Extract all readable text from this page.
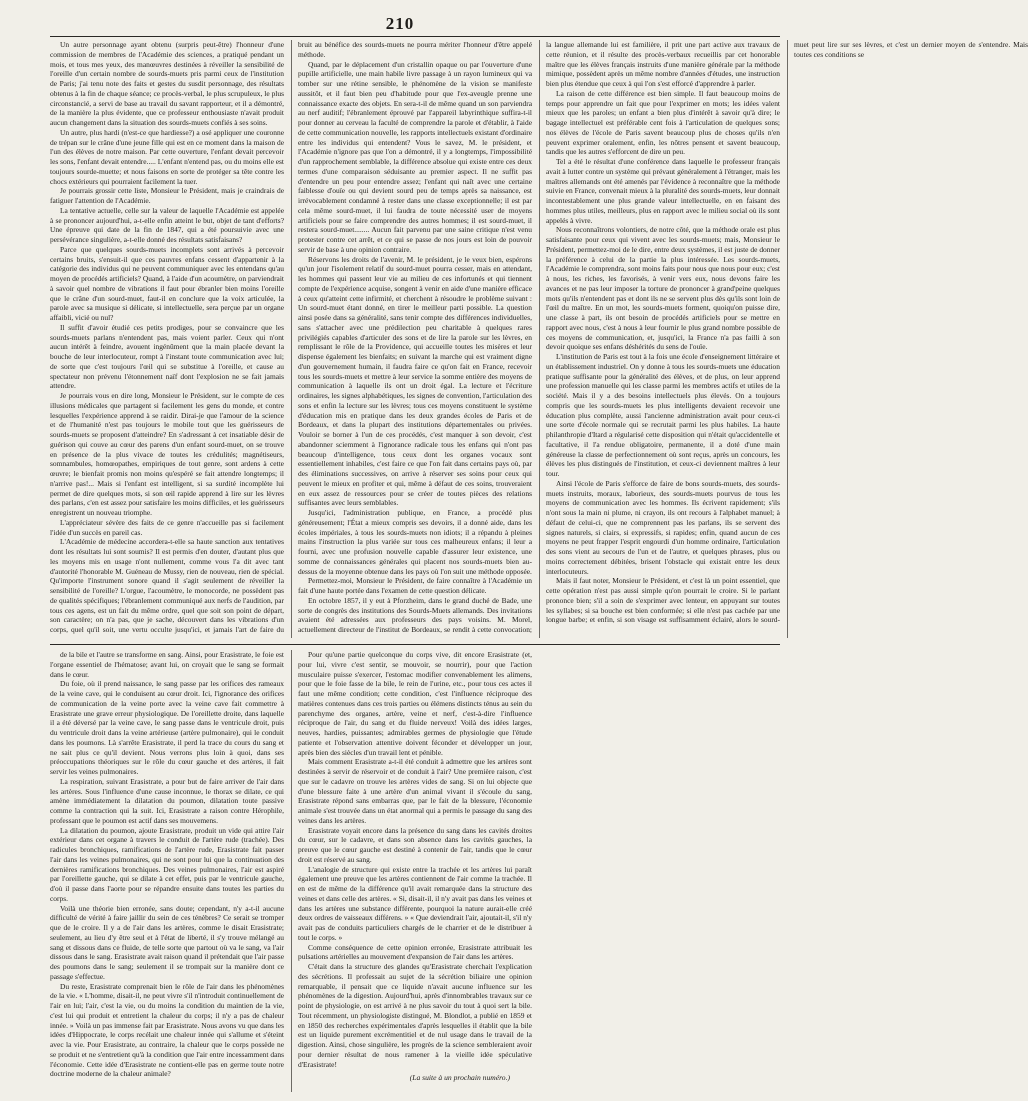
210

Un autre personnage ayant obtenu (surpris peut-être) l'honneur d'une commission de membres de l'Académie des sciences, a pratiqué pendant un mois, et tous mes yeux, des manœuvres destinées à réveiller la sensibilité de l'oreille d'un certain nombre de sourds-muets pris parmi ceux de l'institution de Paris; j'ai tenu note des faits et gestes du susdit personnage, des résultats obtenus à la fin de chaque séance; ce procès-verbal, le plus scrupuleux, le plus circonstancié, a servi de base au travail du savant rapporteur, et il a démontré, de la manière la plus évidente, que ce professeur enthousiaste n'avait produit aucun changement dans la situation des sourds-muets confiés à ses soins.

Un autre, plus hardi (n'est-ce que hardiesse?) a osé appliquer une couronne de trépan sur le crâne d'une jeune fille qui est en ce moment dans la maison de l'un des élèves de notre maison. Par cette ouverture, l'enfant devait percevoir les sons, l'enfant devait entendre..... L'enfant n'entend pas, ou du moins elle est toujours sourde-muette; et nous faisons en sorte de protéger sa tête contre les chocs extérieurs qui pourraient facilement la tuer.

Je pourrais grossir cette liste, Monsieur le Président, mais je craindrais de fatiguer l'attention de l'Académie.

La tentative actuelle, celle sur la valeur de laquelle l'Académie est appelée à se prononcer aujourd'hui, a-t-elle enfin atteint le but, objet de tant d'efforts? Une épreuve qui date de la fin de 1847, qui a été poursuivie avec une persévérance singulière, a-t-elle donné des résultats satisfaisans?

Parce que quelques sourds-muets incomplets sont arrivés à percevoir certains bruits, s'ensuit-il que ces pauvres enfans cessent d'appartenir à la catégorie des individus qui ne peuvent communiquer avec les entendans qu'au moyen de procédés artificiels? Quand, à l'aide d'un acoumètre, on parviendrait à savoir quel nombre de vibrations il faut pour ébranler bien moins l'oreille que le crâne d'un sourd-muet, faut-il en conclure que la voix articulée, la parole avec sa musique si délicate, si intellectuelle, sera perçue par un organe affaibli, vicié ou nul?

Il suffit d'avoir étudié ces petits prodiges, pour se convaincre que les sourds-muets parlans n'entendent pas, mais voient parler. Ceux qui n'ont aucun intérêt à feindre, avouent ingénûment que la main placée devant la bouche de leur interlocuteur, rompt à l'instant toute communication avec lui; de sorte que c'est toujours l'œil qui se substitue à l'oreille, et cause au spectateur non prévenu l'étonnement naïf dont l'explosion ne se fait jamais attendre.

Je pourrais vous en dire long, Monsieur le Président, sur le compte de ces illusions médicales que partagent si facilement les gens du monde, et contre lesquelles l'expérience apprend à se raidir. Dirai-je que l'amour de la science et de l'humanité n'est pas toujours le mobile tout que les guérisseurs de sourds-muets se proposent d'atteindre? En s'adressant à cet insatiable désir de guérison qui couve au cœur des parens d'un enfant sourd-muet, on se trouve en présence de la plus vivace de toutes les crédulités; magnétiseurs, somnambules, homœopathes, empiriques de tout genre, sont ardens à cette œuvre; le bienfait promis non moins qu'espéré se fait attendre longtemps; il n'arrive pas!... Mais si l'enfant est intelligent, si sa surdité incomplète lui permet de dire quelques mots, si son œil rapide apprend à lire sur les lèvres des parlans, c'en est assez pour satisfaire les moins difficiles, et les guérisseurs enregistrent un nouveau triomphe.

L'appréciateur sévère des faits de ce genre n'accueille pas si facilement l'idée d'un succès en pareil cas.

L'Académie de médecine accordera-t-elle sa haute sanction aux tentatives dont les résultats lui sont soumis? Il est permis d'en douter, d'autant plus que les moyens mis en usage n'ont nullement, comme vous l'a dit avec tant d'autorité l'honorable M. Guéneau de Mussy, rien de nouveau, rien de spécial. Qu'importe l'instrument sonore quand il s'agit seulement de réveiller la sensibilité de l'oreille? L'orgue, l'acoumètre, le monocorde, ne possèdent pas de qualités spécifiques; l'ébranlement communiqué aux nerfs de l'audition, par tous ces agens, est un fait du même ordre, quel que soit son point de départ, son caractère; on n'a pas, que je sache, découvert dans les vibrations d'un corps, quel qu'il soit, une vertu occulte jusqu'ici, et jamais l'art de faire du bruit au bénéfice des sourds-muets ne pourra mériter l'honneur d'être appelé méthode.

Quand, par le déplacement d'un cristallin opaque ou par l'ouverture d'une pupille artificielle, une main habile livre passage à un rayon lumineux qui va tomber sur une rétine sensible, le phénomène de la vision se manifeste aussitôt, et il faut bien peu d'habitude pour que l'ex-aveugle prenne une connaissance exacte des objets. En sera-t-il de même quand un son parviendra au nerf auditif; l'ébranlement éprouvé par l'appareil labyrinthique suffira-t-il pour donner au cerveau la faculté de comprendre la parole et d'établir, à l'aide de cette communication nouvelle, les rapports intellectuels existant d'ordinaire entre les individus qui entendent? Vous le savez, M. le président, et l'Académie n'ignore pas que l'on a démontré, il y a longtemps, l'impossibilité d'un rapprochement semblable, la différence absolue qui existe entre ces deux termes d'une comparaison séduisante au premier aspect. Il ne suffit pas d'entendre un peu pour entendre assez; l'enfant qui naît avec une certaine faiblesse d'ouïe ou qui devient sourd peu de temps après sa naissance, est irrévocablement condamné à rester dans une classe exceptionnelle; il est par cela même sourd-muet, il lui faudra de toute nécessité user de moyens artificiels pour se faire comprendre des autres hommes; il est sourd-muet, il restera sourd-muet........ Aucun fait parvenu par une saine critique n'est venu protester contre cet arrêt, et ce qui se passe de nos jours est loin de pouvoir servir de base à une opinion contraire.

Réservons les droits de l'avenir, M. le président, je le veux bien, espérons qu'un jour l'isolement relatif du sourd-muet pourra cesser, mais en attendant, les hommes qui passent leur vie au milieu de ces infortunés et qui tiennent compte de l'expérience acquise, songent à venir en aide d'une manière efficace à ceux qu'atteint cette infirmité, et cherchent à résoudre le problème suivant : Un sourd-muet étant donné, en tirer le meilleur parti possible. La question ainsi posée dans sa généralité, sans tenir compte des différences individuelles, sans s'attacher avec une prédilection peu charitable à quelques rares privilégiés capables d'articuler des sons et de lire la parole sur les lèvres, en remplissant le rôle de la Providence, qui accueille toutes les misères et leur dispense également les bienfaits; en suivant la marche qui est vraiment digne d'un gouvernement humain, il faudra faire ce qu'on fait en France, recevoir tous les sourds-muets et mettre à leur service la somme entière des moyens de communication à laquelle ils ont un droit égal. La lecture et l'écriture ordinaires, les signes alphabétiques, les signes de convention, l'articulation des sons et enfin la lecture sur les lèvres; tous ces moyens constituent le système d'éducation mis en pratique dans les deux grandes écoles de Paris et de Bordeaux, et dans la plupart des institutions départementales ou privées. Vouloir se borner à l'un de ces procédés, c'est manquer à son devoir, c'est abandonner sciemment à l'ignorance radicale tous les enfans qui n'ont pas beaucoup d'intelligence, tous ceux dont les organes vocaux sont essentiellement inhabiles, c'est faire ce que l'on fait dans certains pays où, par des éliminations successives, on arrive à réserver ses soins pour ceux qui peuvent le mieux en profiter et qui, même à défaut de ces soins, trouveraient en eux assez de ressources pour se créer de toutes pièces des relations suffisantes avec leurs semblables.

Jusqu'ici, l'administration publique, en France, a procédé plus généreusement; l'État a mieux compris ses devoirs, il a donné aide, dans les écoles impériales, à tous les sourds-muets non idiots; il a répandu à pleines mains l'instruction la plus variée sur tous ces malheureux enfans; il leur a fourni, avec une profusion nouvelle capable d'assurer leur existence, une somme de connaissances générales qui placent nos sourds-muets bien au-dessus de la moyenne obtenue dans les pays où l'on suit une méthode opposée.

Permettez-moi, Monsieur le Président, de faire connaître à l'Académie un fait d'une haute portée dans l'examen de cette question délicate.

En octobre 1857, il y eut à Pforzheim, dans le grand duché de Bade, une sorte de congrès des institutions des Sourds-Muets allemands. Des invitations avaient été adressées aux professeurs des pays voisins. M. Morel, actuellement directeur de l'institut de Bordeaux, se rendit à cette convocation; la langue allemande lui est familière, il prit une part active aux travaux de cette réunion, et il résulte des procès-verbaux recueillis par cet honorable maître que les élèves français instruits d'une manière générale par la méthode mimique, possèdent après un même nombre d'années d'études, une instruction bien plus étendue que ceux à qui l'on s'est efforcé d'apprendre à parler.

La raison de cette différence est bien simple. Il faut beaucoup moins de temps pour apprendre un fait que pour l'exprimer en mots; les idées valent mieux que les paroles; un enfant a bien plus d'intérêt à savoir qu'à dire; le bagage intellectuel est préférable cent fois à l'articulation de quelques sons; nos élèves de l'école de Paris savent beaucoup plus de choses qu'ils n'en peuvent exprimer oralement, enfin, les nôtres pensent et savent beaucoup, tandis que les autres s'efforcent de dire un peu.

Tel a été le résultat d'une conférence dans laquelle le professeur français avait à lutter contre un système qui prévaut généralement à l'étranger, mais les maîtres allemands ont été amenés par l'évidence à reconnaître que la méthode suivie en France, convenait mieux à la pluralité des sourds-muets, leur donnait incontestablement une plus grande valeur intellectuelle, en en faisant des hommes plus utiles, meilleurs, plus en rapport avec le milieu social où ils sont appelés à vivre.

Nous reconnaîtrons volontiers, de notre côté, que la méthode orale est plus satisfaisante pour ceux qui vivent avec les sourds-muets; mais, Monsieur le Président, permettez-moi de le dire, entre deux systèmes, il est juste de donner la préférence à celui de la partie la plus intéressée. Les sourds-muets, l'Académie le comprendra, sont moins faits pour nous que nous pour eux; c'est à nous, les riches, les favorisés, à venir vers eux, nous devons faire les avances et ne pas leur imposer la torture de prononcer à grand'peine quelques mots qu'ils n'entendent pas et dont ils ne se servent plus dès qu'ils sont loin de l'œil du maître. En un mot, les sourds-muets forment, quoiqu'on puisse dire, une classe à part, ils ont besoin de procédés artificiels pour se mettre en rapport avec nous, c'est à nous à leur fournir le plus grand nombre possible de ces moyens de communication, et, jusqu'ici, la France n'a pas failli à son devoir quoique ses enfans déshérités du sens de l'ouïe.

L'institution de Paris est tout à la fois une école d'enseignement littéraire et un établissement industriel. On y donne à tous les sourds-muets une éducation pratique suffisante pour la généralité des élèves, et de plus, on leur apprend une profession manuelle qui les classe parmi les membres actifs et utiles de la société. Mais il y a des besoins intellectuels plus élevés. On a toujours compris que les sourds-muets les plus intelligents devaient recevoir une éducation plus complète, aussi l'ancienne administration avait pour ceux-ci une sorte d'école normale qui se recrutait parmi les plus habiles. La haute philanthropie d'Itard a régularisé cette disposition qui n'était qu'accidentelle et facultative, il l'a rendue obligatoire, permanente, il a doté d'une main généreuse la classe de perfectionnement où sont reçus, après un concours, les élèves les plus distingués de l'institution, et ceux-ci deviennent maîtres à leur tour.

Ainsi l'école de Paris s'efforce de faire de bons sourds-muets, des sourds-muets instruits, moraux, laborieux, des sourds-muets pourvus de tous les moyens de communication avec les hommes. Ils écrivent rapidement; s'ils n'ont sous la main ni plume, ni crayon, ils ont recours à l'alphabet manuel; à défaut de celui-ci, que ne comprennent pas les parlans, ils se servent des signes naturels, si clairs, si expressifs, si rapides; enfin, quand aucun de ces moyens ne peut frapper l'esprit engourdi d'un homme ordinaire, l'articulation des sons vient au secours de l'un et de l'autre, et quelques phrases, plus ou moins correctement débitées, brisent l'obstacle qui existait entre les deux interlocuteurs.

Mais il faut noter, Monsieur le Président, et c'est là un point essentiel, que cette opération n'est pas aussi simple qu'on pourrait le croire. Si le parlant prononce bien; s'il a soin de s'exprimer avec lenteur, en appuyant sur toutes les syllabes; si sa bouche est bien conformée; si elle n'est pas cachée par une longue barbe; et enfin, si son visage est suffisamment éclairé, alors le sourd-muet peut lire sur ses lèvres, et c'est un dernier moyen de s'entendre. Mais toutes ces conditions se

de la bile et l'autre se transforme en sang. Ainsi, pour Erasistrate, le foie est l'organe essentiel de l'hématose; avant lui, on croyait que le sang se formait dans le cœur.

Du foie, où il prend naissance, le sang passe par les orifices des rameaux de la veine cave, qui le conduisent au cœur droit. Ici, l'ignorance des orifices de communication de la veine porte avec la veine cave fait commettre à Erasistrate une grave erreur physiologique. De l'oreillette droite, dans laquelle il a été déversé par la veine cave, le sang passe dans le ventricule droit, puis du ventricule droit dans la veine artérieuse (artère pulmonaire), qui le conduit dans les poumons. Là s'arrête Erasistrate, il perd la trace du cours du sang et ne sait plus ce qu'il devient. Nous verrons plus loin à quoi, dans ses préoccupations théoriques sur le rôle du cœur gauche et des artères, il fait servir les veines pulmonaires.

La respiration, suivant Erasistrate, a pour but de faire arriver de l'air dans les artères. Sous l'influence d'une cause inconnue, le thorax se dilate, ce qui amène immédiatement la dilatation du poumon, dilatation toute passive comme la contraction qui la suit. Ici, Erasistrate a raison contre Hérophile, professant que le poumon est actif dans ses mouvemens.

La dilatation du poumon, ajoute Erasistrate, produit un vide qui attire l'air extérieur dans cet organe à travers le conduit de l'artère rude (trachée). Des radicules bronchiques, ramifications de l'artère rude, Erasistrate fait passer l'air dans les veines pulmonaires, qui ne sont pour lui que la continuation des dernières ramifications bronchiques. Des veines pulmonaires, l'air est aspiré par l'oreillette gauche, qui se dilate à cet effet, puis par le ventricule gauche, d'où il passe dans l'aorte pour se répandre ensuite dans toutes les parties du corps.

Voilà une théorie bien erronée, sans doute; cependant, n'y a-t-il aucune difficulté de vérité à faire jaillir du sein de ces ténèbres? Ce serait se tromper que de le croire. Il y a de l'air dans les artères, comme le disait Erasistrate; seulement, au lieu d'y être seul et à l'état de liberté, il s'y trouve mélangé au sang et dissous dans ce fluide, de telle sorte que partout où va le sang, va l'air dissous dans le sang. Erasistrate avait raison quand il prétendait que l'air passe des poumons dans le sang; seulement il se trompait sur la manière dont ce passage s'effectue.

Du reste, Erasistrate comprenait bien le rôle de l'air dans les phénomènes de la vie. « L'homme, disait-il, ne peut vivre s'il n'introduit continuellement de l'air en lui; l'air, c'est la vie, ou du moins la condition du maintien de la vie, c'est lui qui produit et entretient la chaleur du corps; il n'y a pas de chaleur innée. » Voilà un pas immense fait par Erasistrate. Nous avons vu que dans les idées d'Hippocrate, le corps recélait une chaleur innée qui s'allume et s'éteint avec la vie. Pour Erasistrate, au contraire, la chaleur que le corps possède ne se produit et ne s'entretient qu'à la condition que l'air entre incessamment dans l'économie. Cette idée d'Erasistrate ne contient-elle pas en germe toute notre doctrine moderne de la chaleur animale?

Pour qu'une partie quelconque du corps vive, dit encore Erasistrate (et, pour lui, vivre c'est sentir, se mouvoir, se nourrir), pour que l'action musculaire puisse s'exercer, l'estomac modifier convenablement les alimens, pour que le foie fasse de la bile, le rein de l'urine, etc., pour tous ces actes il faut une même condition; cette condition, c'est l'influence réciproque des matières contenues dans ces trois parties ou élémens distincts ténus au sein du parenchyme des organes, artère, veine et nerf, c'est-à-dire l'influence réciproque de l'air, du sang et du fluide nerveux! Voilà des idées larges, neuves, hardies, puissantes; admirables germes de physiologie que l'étude patiente et l'observation attentive doivent féconder et développer un jour, après bien des siècles d'un travail lent et pénible.

Mais comment Erasistrate a-t-il été conduit à admettre que les artères sont destinées à servir de réservoir et de conduit à l'air? Une première raison, c'est que sur le cadavre on trouve les artères vides de sang. Si on lui objecte que d'une blessure faite à une artère d'un animal vivant il s'écoule du sang, Erasistrate répond sans embarras que, par le fait de la blessure, l'économie animale s'est trouvée dans un état anormal qui a permis le passage du sang des veines dans les artères.

Erasistrate voyait encore dans la présence du sang dans les cavités droites du cœur, sur le cadavre, et dans son absence dans les cavités gauches, la preuve que le cœur gauche est destiné à contenir de l'air, tandis que le cœur droit est réservé au sang.

L'analogie de structure qui existe entre la trachée et les artères lui paraît également une preuve que les artères contiennent de l'air comme la trachée. Il en est de même de la différence qu'il avait remarquée dans la structure des veines et dans celle des artères. « Si, disait-il, il n'y avait pas dans les veines et dans les artères une substance différente, pourquoi la nature aurait-elle créé deux ordres de vaisseaux différens. » « Que deviendrait l'air, ajoutait-il, s'il n'y avait pas de conduits particuliers chargés de le charrier et de le distribuer à tout le corps. »

Comme conséquence de cette opinion erronée, Erasistrate attribuait les pulsations artérielles au mouvement d'expansion de l'air dans les artères.

C'était dans la structure des glandes qu'Erasistrate cherchait l'explication des sécrétions. Il professait au sujet de la sécrétion biliaire une opinion remarquable, il pensait que ce liquide n'avait aucune influence sur les phénomènes de la digestion. Aujourd'hui, après d'innombrables travaux sur ce point de physiologie, on est arrivé à ne plus savoir du tout à quoi sert la bile. Tout récemment, un physiologiste distingué, M. Blondlot, a publié en 1859 et en 1850 des recherches expérimentales d'après lesquelles il établit que la bile est un liquide purement excrémentitiel et de nul usage dans le travail de la digestion. Ainsi, chose singulière, les progrès de la science sembleraient avoir pour dernier résultat de nous ramener à la vieille idée spéculative d'Erasistrate!

(La suite à un prochain numéro.)
